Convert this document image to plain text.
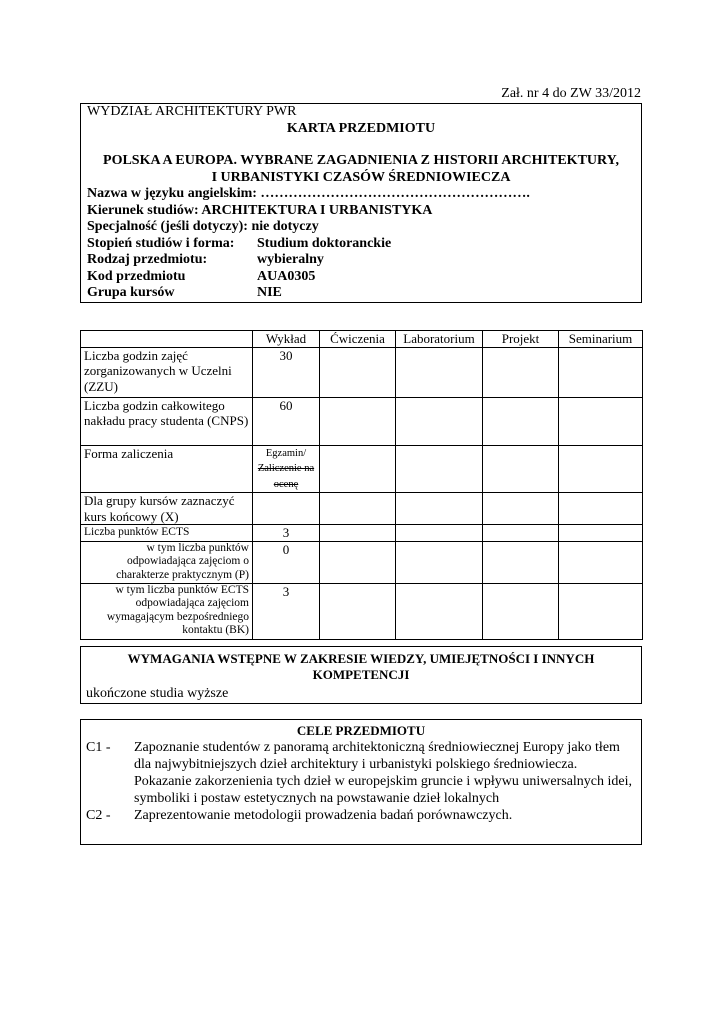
Zał. nr 4 do ZW 33/2012
WYDZIAŁ ARCHITEKTURY PWR
KARTA PRZEDMIOTU
POLSKA A EUROPA. WYBRANE ZAGADNIENIA Z HISTORII ARCHITEKTURY,
I URBANISTYKI CZASÓW ŚREDNIOWIECZA
Nazwa w języku angielskim: ………………………………………………….
Kierunek studiów: ARCHITEKTURA I URBANISTYKA
Specjalność (jeśli dotyczy): nie dotyczy
Stopień studiów i forma:	Studium doktoranckie
Rodzaj przedmiotu:	wybieralny
Kod przedmiotu	AUA0305
Grupa kursów	NIE
	Wykład	Ćwiczenia	Laboratorium	Projekt	Seminarium
Liczba godzin zajęć zorganizowanych w Uczelni (ZZU)	30				
Liczba godzin całkowitego nakładu pracy studenta (CNPS)	60				
Forma zaliczenia	Egzamin/
Zaliczenie na ocenę				

Dla grupy kursów zaznaczyć kurs końcowy (X)					
Liczba punktów ECTS	3				
w tym liczba punktów odpowiadająca zajęciom o charakterze praktycznym (P)	0				
w tym liczba punktów ECTS odpowiadająca zajęciom wymagającym bezpośredniego kontaktu (BK)	3				
WYMAGANIA WSTĘPNE W ZAKRESIE WIEDZY, UMIEJĘTNOŚCI I INNYCH KOMPETENCJI
ukończone studia wyższe
CELE PRZEDMIOTU
C1 -	Zapoznanie studentów z panoramą architektoniczną średniowiecznej Europy jako tłem dla najwybitniejszych dzieł architektury i urbanistyki polskiego średniowiecza. Pokazanie zakorzenienia tych dzieł w europejskim gruncie i wpływu uniwersalnych idei, symboliki i postaw estetycznych na powstawanie dzieł lokalnych
C2 -	Zaprezentowanie metodologii prowadzenia badań porównawczych.
